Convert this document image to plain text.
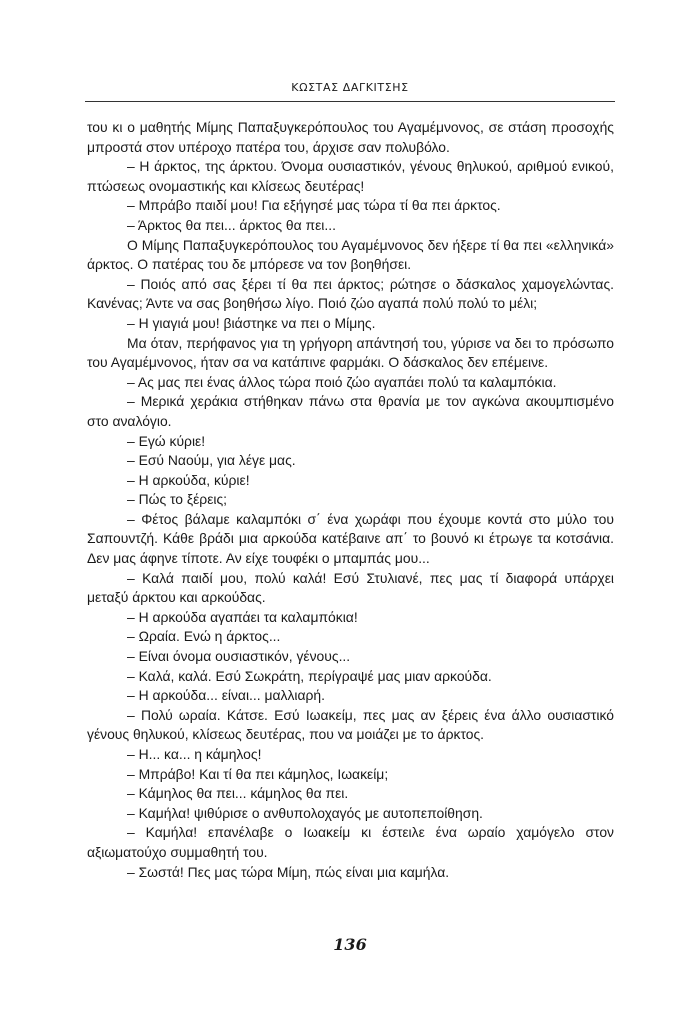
ΚΩΣΤΑΣ ΔΑΓΚΙΤΣΗΣ

του κι ο μαθητής Μίμης Παπαξυγκερόπουλος του Αγαμέμνονος, σε στάση προσοχής μπροστά στον υπέροχο πατέρα του, άρχισε σαν πολυβόλο.

– Η άρκτος, της άρκτου. Όνομα ουσιαστικόν, γένους θηλυκού, αριθμού ενικού, πτώσεως ονομαστικής και κλίσεως δευτέρας!

– Μπράβο παιδί μου! Για εξήγησέ μας τώρα τί θα πει άρκτος.

– Άρκτος θα πει... άρκτος θα πει...

Ο Μίμης Παπαξυγκερόπουλος του Αγαμέμνονος δεν ήξερε τί θα πει «ελληνικά» άρκτος. Ο πατέρας του δε μπόρεσε να τον βοηθήσει.

– Ποιός από σας ξέρει τί θα πει άρκτος; ρώτησε ο δάσκαλος χαμογελώντας. Κανένας; Άντε να σας βοηθήσω λίγο. Ποιό ζώο αγαπά πολύ πολύ το μέλι;

– Η γιαγιά μου! βιάστηκε να πει ο Μίμης.

Μα όταν, περήφανος για τη γρήγορη απάντησή του, γύρισε να δει το πρόσωπο του Αγαμέμνονος, ήταν σα να κατάπινε φαρμάκι. Ο δάσκαλος δεν επέμεινε.

– Ας μας πει ένας άλλος τώρα ποιό ζώο αγαπάει πολύ τα καλαμπόκια.

– Μερικά χεράκια στήθηκαν πάνω στα θρανία με τον αγκώνα ακουμπισμένο στο αναλόγιο.

– Εγώ κύριε!

– Εσύ Ναούμ, για λέγε μας.

– Η αρκούδα, κύριε!

– Πώς το ξέρεις;

– Φέτος βάλαμε καλαμπόκι σ΄ ένα χωράφι που έχουμε κοντά στο μύλο του Σαπουντζή. Κάθε βράδι μια αρκούδα κατέβαινε απ΄ το βουνό κι έτρωγε τα κοτσάνια. Δεν μας άφηνε τίποτε. Αν είχε τουφέκι ο μπαμπάς μου...

– Καλά παιδί μου, πολύ καλά! Εσύ Στυλιανέ, πες μας τί διαφορά υπάρχει μεταξύ άρκτου και αρκούδας.

– Η αρκούδα αγαπάει τα καλαμπόκια!

– Ωραία. Ενώ η άρκτος...

– Είναι όνομα ουσιαστικόν, γένους...

– Καλά, καλά. Εσύ Σωκράτη, περίγραψέ μας μιαν αρκούδα.

– Η αρκούδα... είναι... μαλλιαρή.

– Πολύ ωραία. Κάτσε. Εσύ Ιωακείμ, πες μας αν ξέρεις ένα άλλο ουσιαστικό γένους θηλυκού, κλίσεως δευτέρας, που να μοιάζει με το άρκτος.

– Η... κα... η κάμηλος!

– Μπράβο! Και τί θα πει κάμηλος, Ιωακείμ;

– Κάμηλος θα πει... κάμηλος θα πει.

– Καμήλα! ψιθύρισε ο ανθυπολοχαγός με αυτοπεποίθηση.

– Καμήλα! επανέλαβε ο Ιωακείμ κι έστειλε ένα ωραίο χαμόγελο στον αξιωματούχο συμμαθητή του.

– Σωστά! Πες μας τώρα Μίμη, πώς είναι μια καμήλα.

136
